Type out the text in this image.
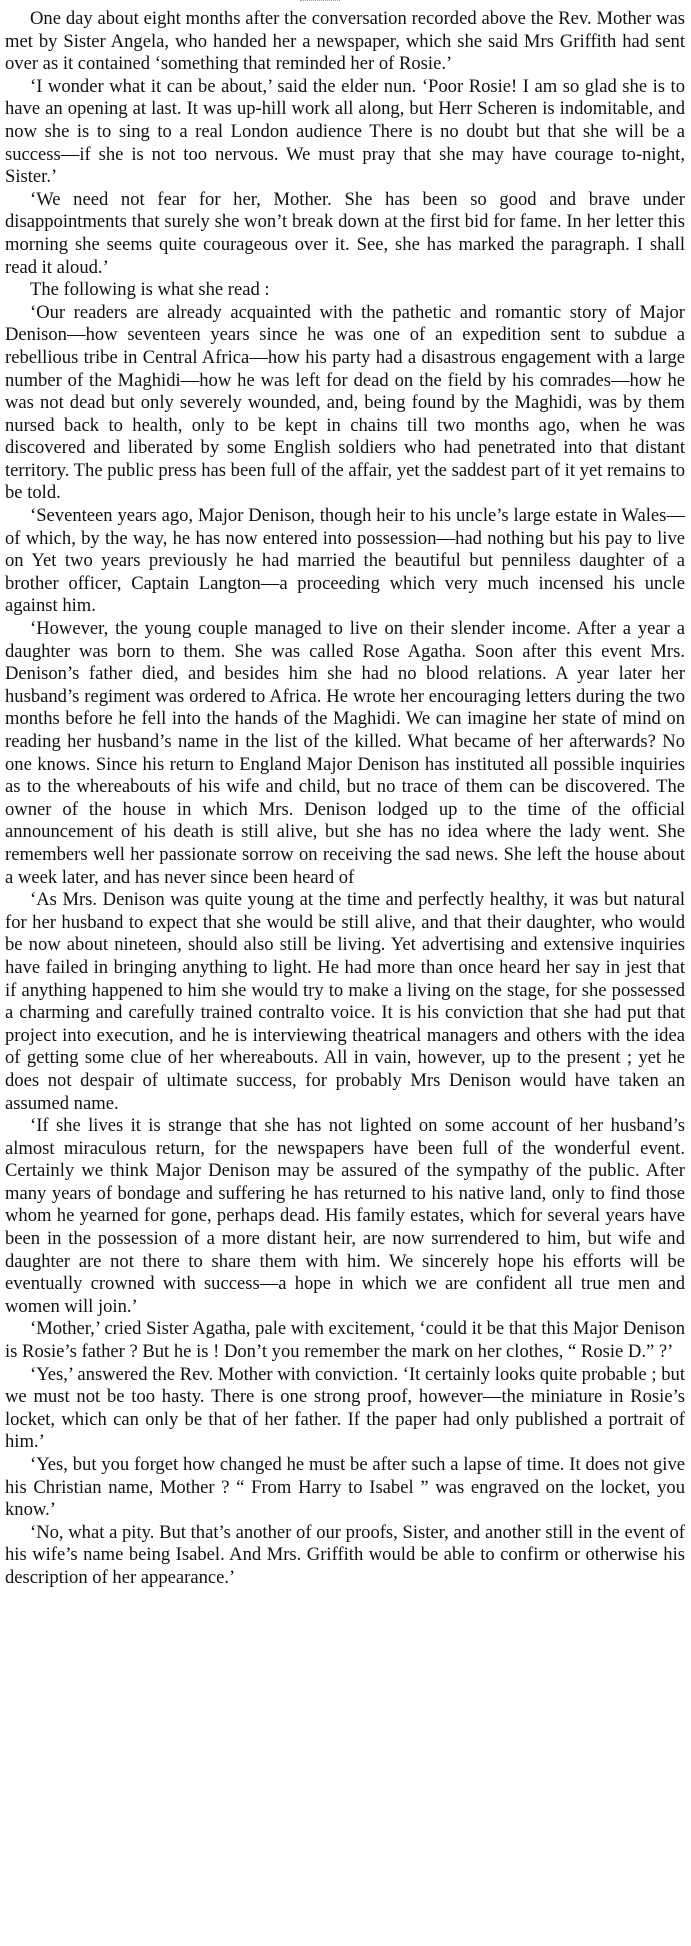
One day about eight months after the conversation recorded above the Rev. Mother was met by Sister Angela, who handed her a newspaper, which she said Mrs Griffith had sent over as it contained ‘something that reminded her of Rosie.’

‘I wonder what it can be about,’ said the elder nun. ‘Poor Rosie! I am so glad she is to have an opening at last. It was up-hill work all along, but Herr Scheren is indomitable, and now she is to sing to a real London audience There is no doubt but that she will be a success—if she is not too nervous. We must pray that she may have courage to-night, Sister.’

‘We need not fear for her, Mother. She has been so good and brave under disappointments that surely she won’t break down at the first bid for fame. In her letter this morning she seems quite courageous over it. See, she has marked the paragraph. I shall read it aloud.’

The following is what she read :

‘Our readers are already acquainted with the pathetic and romantic story of Major Denison—how seventeen years since he was one of an expedition sent to subdue a rebellious tribe in Central Africa—how his party had a disastrous engagement with a large number of the Maghidi—how he was left for dead on the field by his comrades—how he was not dead but only severely wounded, and, being found by the Maghidi, was by them nursed back to health, only to be kept in chains till two months ago, when he was discovered and liberated by some English soldiers who had penetrated into that distant territory. The public press has been full of the affair, yet the saddest part of it yet remains to be told.

‘Seventeen years ago, Major Denison, though heir to his uncle’s large estate in Wales—of which, by the way, he has now entered into possession—had nothing but his pay to live on Yet two years previously he had married the beautiful but penniless daughter of a brother officer, Captain Langton—a proceeding which very much incensed his uncle against him.

‘However, the young couple managed to live on their slender income. After a year a daughter was born to them. She was called Rose Agatha. Soon after this event Mrs. Denison’s father died, and besides him she had no blood relations. A year later her husband’s regiment was ordered to Africa. He wrote her encouraging letters during the two months before he fell into the hands of the Maghidi. We can imagine her state of mind on reading her husband’s name in the list of the killed. What became of her afterwards? No one knows. Since his return to England Major Denison has instituted all possible inquiries as to the whereabouts of his wife and child, but no trace of them can be discovered. The owner of the house in which Mrs. Denison lodged up to the time of the official announcement of his death is still alive, but she has no idea where the lady went. She remembers well her passionate sorrow on receiving the sad news. She left the house about a week later, and has never since been heard of

‘As Mrs. Denison was quite young at the time and perfectly healthy, it was but natural for her husband to expect that she would be still alive, and that their daughter, who would be now about nineteen, should also still be living. Yet advertising and extensive inquiries have failed in bringing anything to light. He had more than once heard her say in jest that if anything happened to him she would try to make a living on the stage, for she possessed a charming and carefully trained contralto voice. It is his conviction that she had put that project into execution, and he is interviewing theatrical managers and others with the idea of getting some clue of her whereabouts. All in vain, however, up to the present ; yet he does not despair of ultimate success, for probably Mrs Denison would have taken an assumed name.

‘If she lives it is strange that she has not lighted on some account of her husband’s almost miraculous return, for the newspapers have been full of the wonderful event. Certainly we think Major Denison may be assured of the sympathy of the public. After many years of bondage and suffering he has returned to his native land, only to find those whom he yearned for gone, perhaps dead. His family estates, which for several years have been in the possession of a more distant heir, are now surrendered to him, but wife and daughter are not there to share them with him. We sincerely hope his efforts will be eventually crowned with success—a hope in which we are confident all true men and women will join.’

‘Mother,’ cried Sister Agatha, pale with excitement, ‘could it be that this Major Denison is Rosie’s father ? But he is ! Don’t you remember the mark on her clothes, “ Rosie D.” ?’

‘Yes,’ answered the Rev. Mother with conviction. ‘It certainly looks quite probable ; but we must not be too hasty. There is one strong proof, however—the miniature in Rosie’s locket, which can only be that of her father. If the paper had only published a portrait of him.’

‘Yes, but you forget how changed he must be after such a lapse of time. It does not give his Christian name, Mother ? “ From Harry to Isabel ” was engraved on the locket, you know.’

‘No, what a pity. But that’s another of our proofs, Sister, and another still in the event of his wife’s name being Isabel. And Mrs. Griffith would be able to confirm or otherwise his description of her appearance.’
